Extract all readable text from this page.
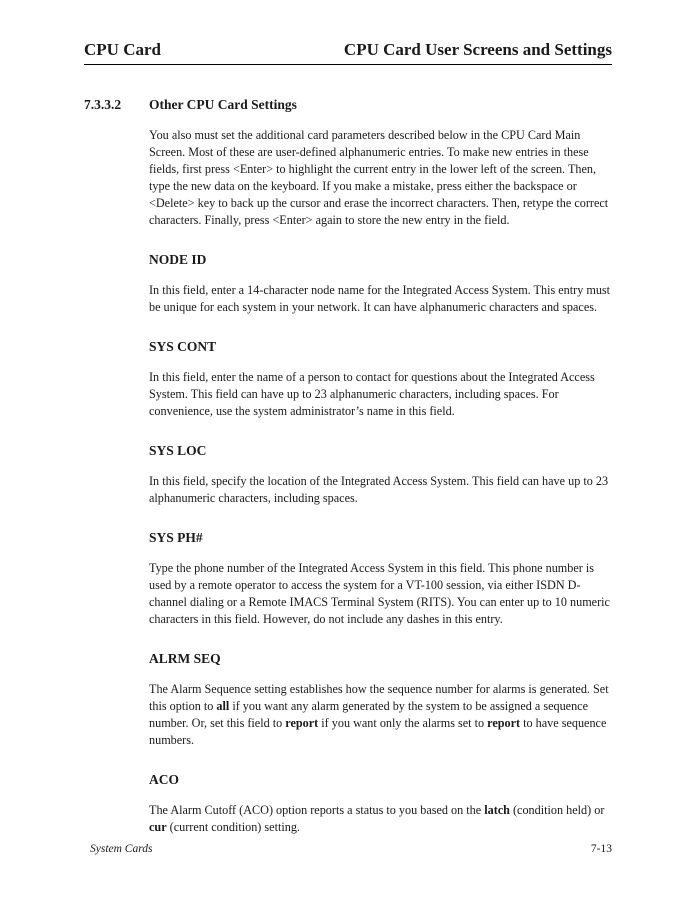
CPU Card	CPU Card User Screens and Settings
7.3.3.2 Other CPU Card Settings

You also must set the additional card parameters described below in the CPU Card Main Screen. Most of these are user-defined alphanumeric entries. To make new entries in these fields, first press <Enter> to highlight the current entry in the lower left of the screen. Then, type the new data on the keyboard. If you make a mistake, press either the backspace or <Delete> key to back up the cursor and erase the incorrect characters. Then, retype the correct characters. Finally, press <Enter> again to store the new entry in the field.

NODE ID

In this field, enter a 14-character node name for the Integrated Access System. This entry must be unique for each system in your network. It can have alphanumeric characters and spaces.

SYS CONT

In this field, enter the name of a person to contact for questions about the Integrated Access System. This field can have up to 23 alphanumeric characters, including spaces. For convenience, use the system administrator’s name in this field.

SYS LOC

In this field, specify the location of the Integrated Access System. This field can have up to 23 alphanumeric characters, including spaces.

SYS PH#

Type the phone number of the Integrated Access System in this field. This phone number is used by a remote operator to access the system for a VT-100 session, via either ISDN D-channel dialing or a Remote IMACS Terminal System (RITS). You can enter up to 10 numeric characters in this field. However, do not include any dashes in this entry.

ALRM SEQ

The Alarm Sequence setting establishes how the sequence number for alarms is generated. Set this option to all if you want any alarm generated by the system to be assigned a sequence number. Or, set this field to report if you want only the alarms set to report to have sequence numbers.

ACO

The Alarm Cutoff (ACO) option reports a status to you based on the latch (condition held) or cur (current condition) setting.

System Cards	7-13
